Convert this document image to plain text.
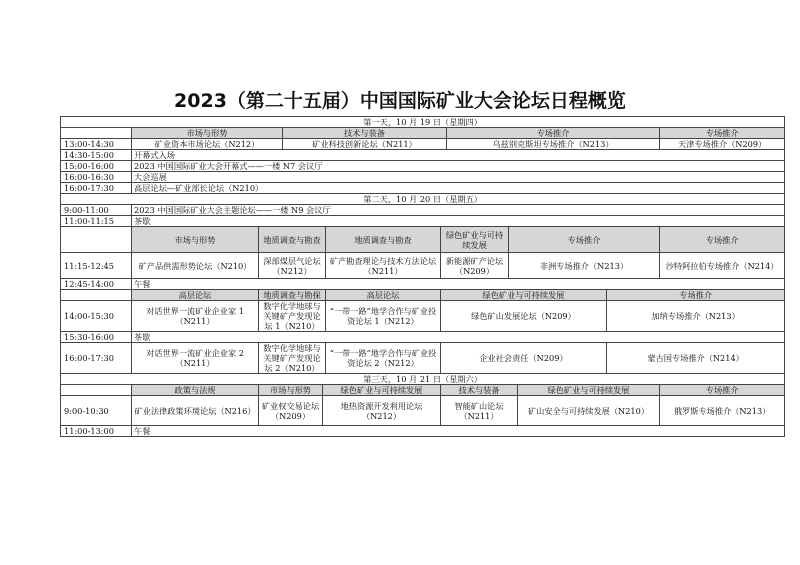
2023（第二十五届）中国国际矿业大会论坛日程概览
第一天，10 月 19 日（星期四）											
	市场与形势		技术与装备				专场推介				专场推介
13:00-14:30	矿业资本市场论坛（N212）		矿业科技创新论坛（N211）				乌兹别克斯坦专场推介（N213）				天津专场推介（N209）
14:30-15:00	开幕式入场										
15:00-16:00	2023 中国国际矿业大会开幕式——一楼 N7 会议厅										
16:00-16:30	大会巡展										
16:00-17:30	高层论坛—矿业部长论坛（N210）										
第二天，10 月 20 日（星期五）											
9:00-11:00	2023 中国国际矿业大会主题论坛——一楼 N9 会议厅										
11:00-11:15	茶歇										
	市场与形势	地质调查与勘查			地质调查与勘查	绿色矿业与可持续发展		专场推介			专场推介
11:15-12:45	矿产品供需形势论坛（N210）	深部煤层气论坛（N212）			矿产勘查理论与技术方法论坛（N211）	新能源矿产论坛（N209）		非洲专场推介（N213）			沙特阿拉伯专场推介（N214）
12:45-14:00	午餐										
	高层论坛	地质调查与勘探			高层论坛	绿色矿业与可持续发展				专场推介	
14:00-15:30	对话世界一流矿业企业家 1（N211）	数字化学地球与关键矿产发现论坛 1（N210）			“一带一路”地学合作与矿业投资论坛 1（N212）	绿色矿山发展论坛（N209）				加纳专场推介（N213）	
15:30-16:00	茶歇										
16:00-17:30	对话世界一流矿业企业家 2（N211）	数字化学地球与关键矿产发现论坛 2（N210）			“一带一路”地学合作与矿业投资论坛 2（N212）	企业社会责任（N209）				蒙古国专场推介（N214）	
第三天，10 月 21 日（星期六）											
	政策与法规	市场与形势		绿色矿业与可持续发展		技术与装备			绿色矿业与可持续发展		专场推介
9:00-10:30	矿业法律政策环境论坛（N216）	矿业权交易论坛（N209）		地热资源开发利用论坛（N212）		智能矿山论坛（N211）			矿山安全与可持续发展（N210）		俄罗斯专场推介（N213）
11:00-13:00	午餐										
